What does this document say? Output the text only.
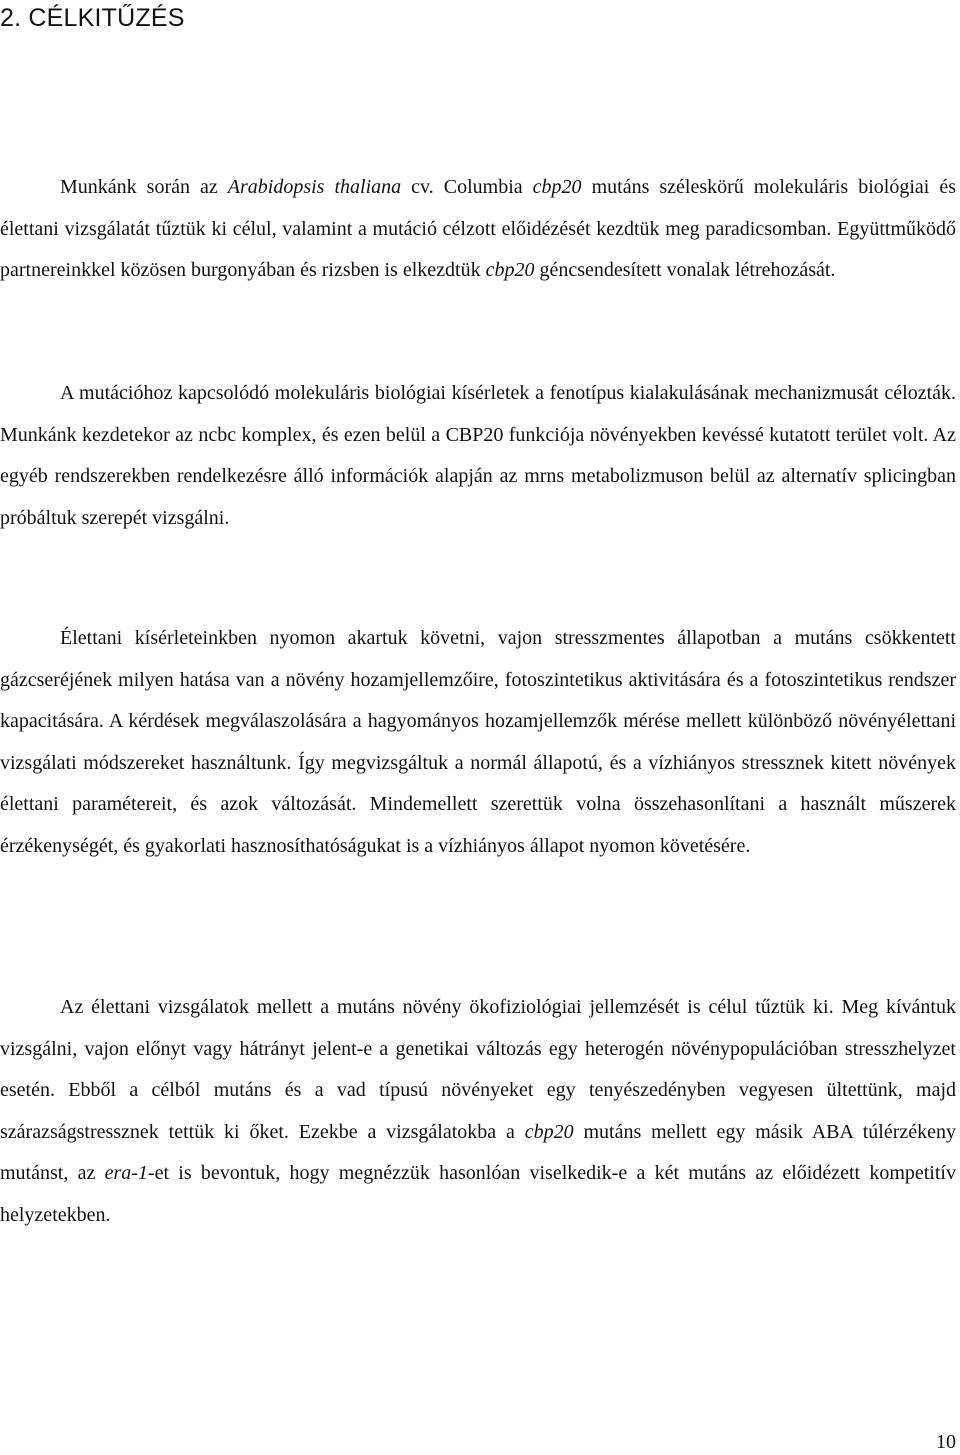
2. CÉLKITŰZÉS

Munkánk során az Arabidopsis thaliana cv. Columbia cbp20 mutáns széleskörű molekuláris biológiai és élettani vizsgálatát tűztük ki célul, valamint a mutáció célzott előidézését kezdtük meg paradicsomban. Együttműködő partnereinkkel közösen burgonyában és rizsben is elkezdtük cbp20 géncsendesített vonalak létrehozását.

A mutációhoz kapcsolódó molekuláris biológiai kísérletek a fenotípus kialakulásának mechanizmusát célozták. Munkánk kezdetekor az ncbc komplex, és ezen belül a CBP20 funkciója növényekben kevéssé kutatott terület volt. Az egyéb rendszerekben rendelkezésre álló információk alapján az mrns metabolizmuson belül az alternatív splicingban próbáltuk szerepét vizsgálni.

Élettani kísérleteinkben nyomon akartuk követni, vajon stresszmentes állapotban a mutáns csökkentett gázcseréjének milyen hatása van a növény hozamjellemzőire, fotoszintetikus aktivitására és a fotoszintetikus rendszer kapacitására. A kérdések megválaszolására a hagyományos hozamjellemzők mérése mellett különböző növényélettani vizsgálati módszereket használtunk. Így megvizsgáltuk a normál állapotú, és a vízhiányos stressznek kitett növények élettani paramétereit, és azok változását. Mindemellett szerettük volna összehasonlítani a használt műszerek érzékenységét, és gyakorlati hasznosíthatóságukat is a vízhiányos állapot nyomon követésére.

Az élettani vizsgálatok mellett a mutáns növény ökofiziológiai jellemzését is célul tűztük ki. Meg kívántuk vizsgálni, vajon előnyt vagy hátrányt jelent-e a genetikai változás egy heterogén növénypopulációban stresszhelyzet esetén. Ebből a célból mutáns és a vad típusú növényeket egy tenyészedényben vegyesen ültettünk, majd szárazságstressznek tettük ki őket. Ezekbe a vizsgálatokba a cbp20 mutáns mellett egy másik ABA túlérzékeny mutánst, az era-1-et is bevontuk, hogy megnézzük hasonlóan viselkedik-e a két mutáns az előidézett kompetitív helyzetekben.

10
